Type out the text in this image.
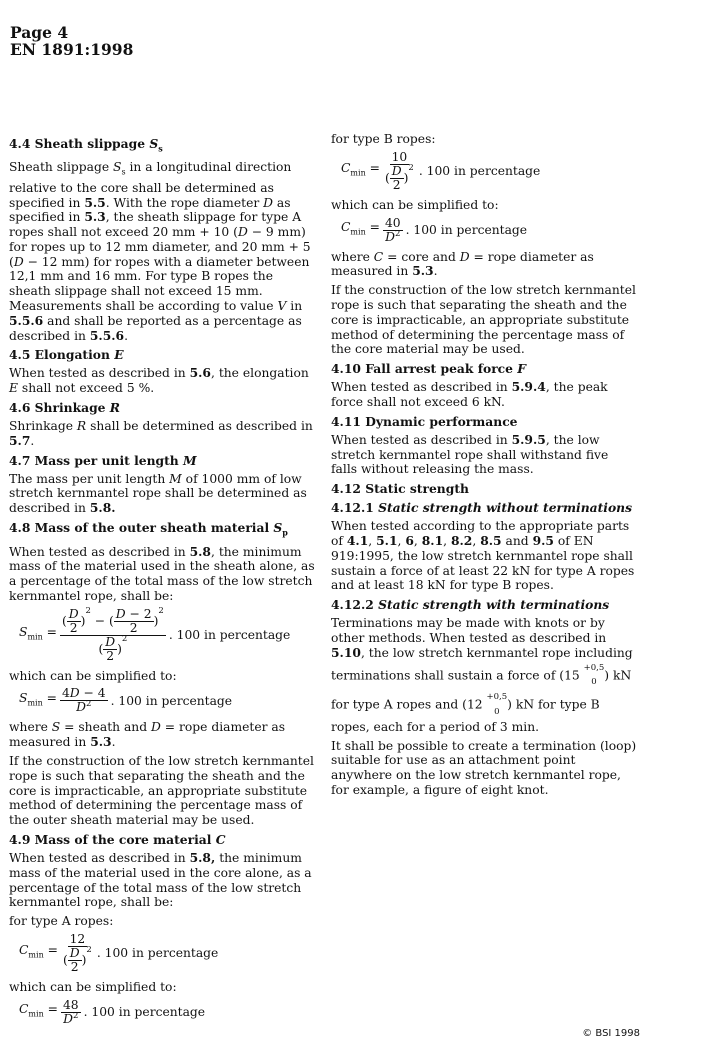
Page 4
EN 1891:1998
4.4 Sheath slippage $S_s$

Sheath slippage $S_s$ in a longitudinal direction relative to the core shall be determined as specified in 5.5. With the rope diameter D as specified in 5.3, the sheath slippage for type A ropes shall not exceed 20 mm + 10 (D − 9 mm) for ropes up to 12 mm diameter, and 20 mm + 5 (D − 12 mm) for ropes with a diameter between 12,1 mm and 16 mm. For type B ropes the sheath slippage shall not exceed 15 mm. Measurements shall be according to value V in 5.5.6 and shall be reported as a percentage as described in 5.5.6.

4.5 Elongation E

When tested as described in 5.6, the elongation E shall not exceed 5 %.

4.6 Shrinkage R

Shrinkage R shall be determined as described in 5.7.

4.7 Mass per unit length M

The mass per unit length M of 1000 mm of low stretch kernmantel rope shall be determined as described in 5.8.

4.8 Mass of the outer sheath material $S_p$

When tested as described in 5.8, the minimum mass of the material used in the sheath alone, as a percentage of the total mass of the low stretch kernmantel rope, shall be:

$S_{min} = \frac{( \frac{D}{2} )^2 - ( \frac{D - 2}{2} )^2}{( \frac{D}{2} )^2}$ . 100 in percentage

which can be simplified to:

$S_{min} = \frac{4D - 4}{D^2}$ . 100 in percentage

where S = sheath and D = rope diameter as measured in 5.3.

If the construction of the low stretch kernmantel rope is such that separating the sheath and the core is impracticable, an appropriate substitute method of determining the percentage mass of the outer sheath material may be used.

4.9 Mass of the core material C

When tested as described in 5.8, the minimum mass of the material used in the core alone, as a percentage of the total mass of the low stretch kernmantel rope, shall be:

for type A ropes:

$C_{min} = \frac{12}{( \frac{D}{2} )^2}$ . 100 in percentage

which can be simplified to:

$C_{min} = \frac{48}{D^2}$ . 100 in percentage

for type B ropes:

$C_{min} = \frac{10}{( \frac{D}{2} )^2}$ . 100 in percentage

which can be simplified to:

$C_{min} = \frac{40}{D^2}$ . 100 in percentage

where C = core and D = rope diameter as measured in 5.3.

If the construction of the low stretch kernmantel rope is such that separating the sheath and the core is impracticable, an appropriate substitute method of determining the percentage mass of the core material may be used.

4.10 Fall arrest peak force F

When tested as described in 5.9.4, the peak force shall not exceed 6 kN.

4.11 Dynamic performance

When tested as described in 5.9.5, the low stretch kernmantel rope shall withstand five falls without releasing the mass.

4.12 Static strength
4.12.1 Static strength without terminations

When tested according to the appropriate parts of 4.1, 5.1, 6, 8.1, 8.2, 8.5 and 9.5 of EN 919:1995, the low stretch kernmantel rope shall sustain a force of at least 22 kN for type A ropes and at least 18 kN for type B ropes.

4.12.2 Static strength with terminations

Terminations may be made with knots or by other methods. When tested as described in 5.10, the low stretch kernmantel rope including terminations shall sustain a force of (15
+0,5
0
) kN for type A ropes and (12
+0,5
0
) kN for type B ropes, each for a period of 3 min.

It shall be possible to create a termination (loop) suitable for use as an attachment point anywhere on the low stretch kernmantel rope, for example, a figure of eight knot.

© BSI 1998
